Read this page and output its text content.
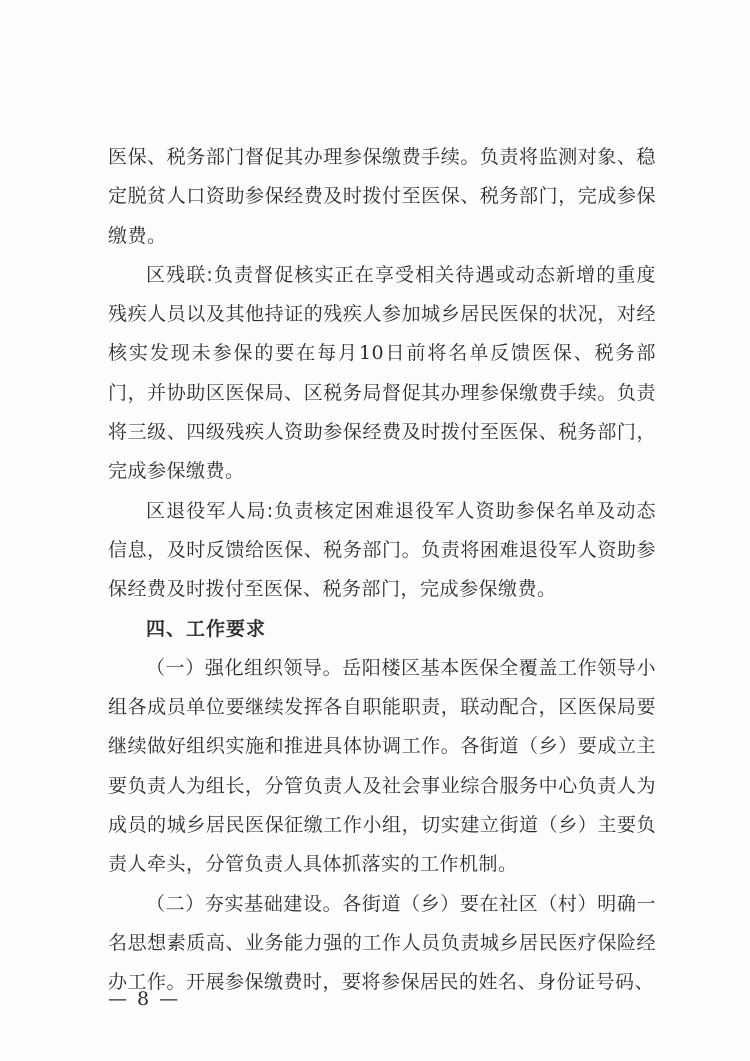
医保、税务部门督促其办理参保缴费手续。负责将监测对象、稳定脱贫人口资助参保经费及时拨付至医保、税务部门，完成参保缴费。

区残联:负责督促核实正在享受相关待遇或动态新增的重度残疾人员以及其他持证的残疾人参加城乡居民医保的状况，对经核实发现未参保的要在每月10日前将名单反馈医保、税务部门，并协助区医保局、区税务局督促其办理参保缴费手续。负责将三级、四级残疾人资助参保经费及时拨付至医保、税务部门，完成参保缴费。

区退役军人局:负责核定困难退役军人资助参保名单及动态信息，及时反馈给医保、税务部门。负责将困难退役军人资助参保经费及时拨付至医保、税务部门，完成参保缴费。

四、工作要求

（一）强化组织领导。岳阳楼区基本医保全覆盖工作领导小组各成员单位要继续发挥各自职能职责，联动配合，区医保局要继续做好组织实施和推进具体协调工作。各街道（乡）要成立主要负责人为组长，分管负责人及社会事业综合服务中心负责人为成员的城乡居民医保征缴工作小组，切实建立街道（乡）主要负责人牵头，分管负责人具体抓落实的工作机制。

（二）夯实基础建设。各街道（乡）要在社区（村）明确一名思想素质高、业务能力强的工作人员负责城乡居民医疗保险经办工作。开展参保缴费时，要将参保居民的姓名、身份证号码、

— 8 —
